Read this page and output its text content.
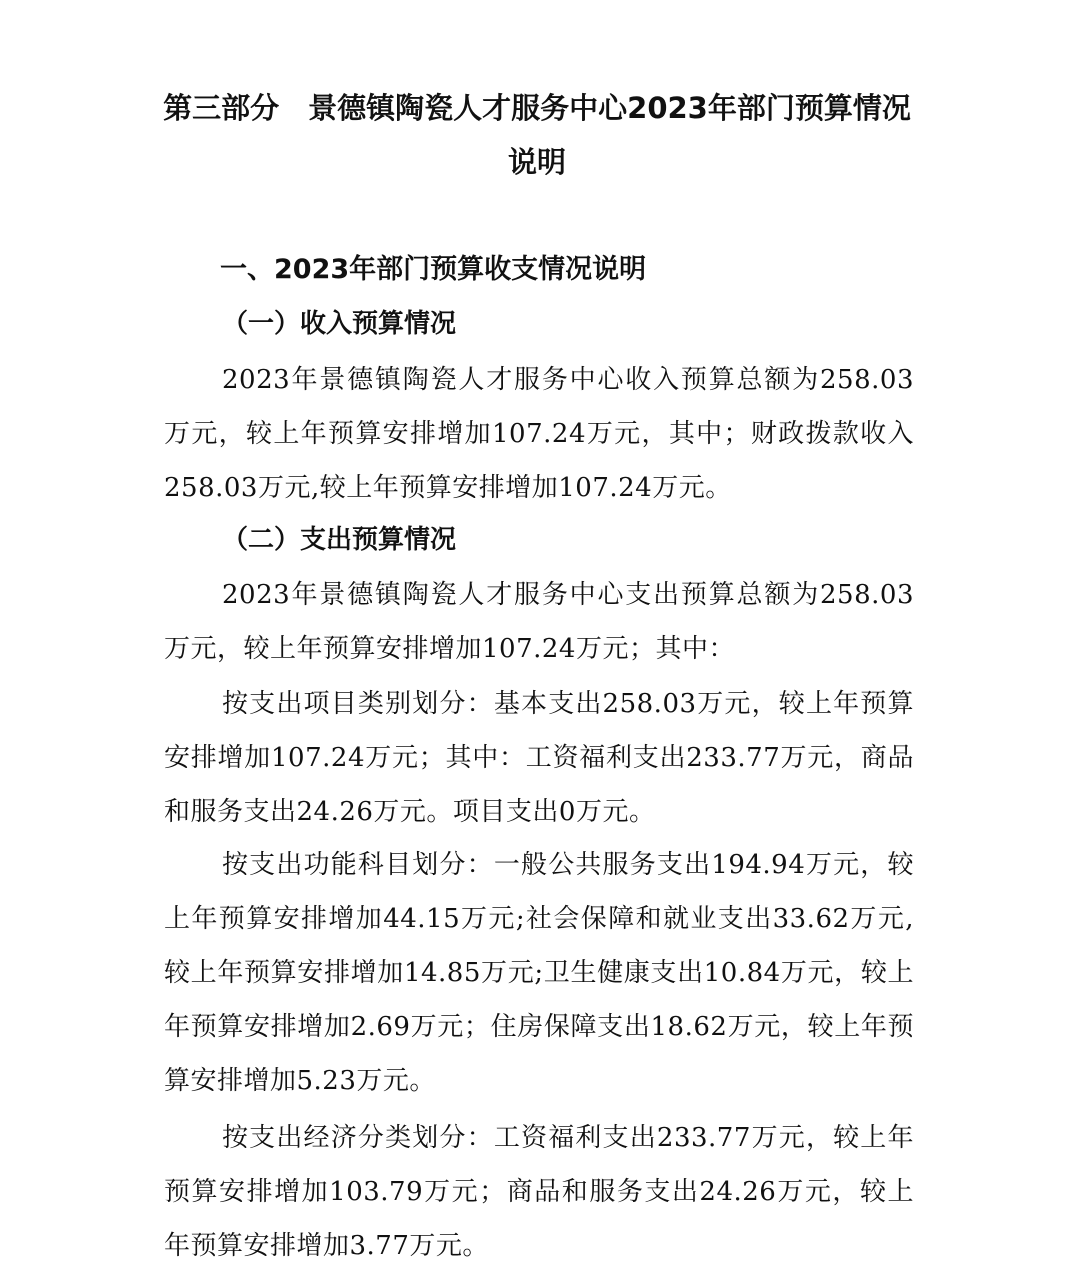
第三部分　景德镇陶瓷人才服务中心2023年部门预算情况
说明
一、2023年部门预算收支情况说明
（一）收入预算情况
2023年景德镇陶瓷人才服务中心收入预算总额为258.03万元，较上年预算安排增加107.24万元，其中；财政拨款收入258.03万元,较上年预算安排增加107.24万元。
（二）支出预算情况
2023年景德镇陶瓷人才服务中心支出预算总额为258.03万元，较上年预算安排增加107.24万元；其中：
按支出项目类别划分：基本支出258.03万元，较上年预算安排增加107.24万元；其中：工资福利支出233.77万元，商品和服务支出24.26万元。项目支出0万元。
按支出功能科目划分：一般公共服务支出194.94万元，较上年预算安排增加44.15万元;社会保障和就业支出33.62万元,较上年预算安排增加14.85万元;卫生健康支出10.84万元，较上年预算安排增加2.69万元；住房保障支出18.62万元，较上年预算安排增加5.23万元。
按支出经济分类划分：工资福利支出233.77万元，较上年预算安排增加103.79万元；商品和服务支出24.26万元，较上年预算安排增加3.77万元。
